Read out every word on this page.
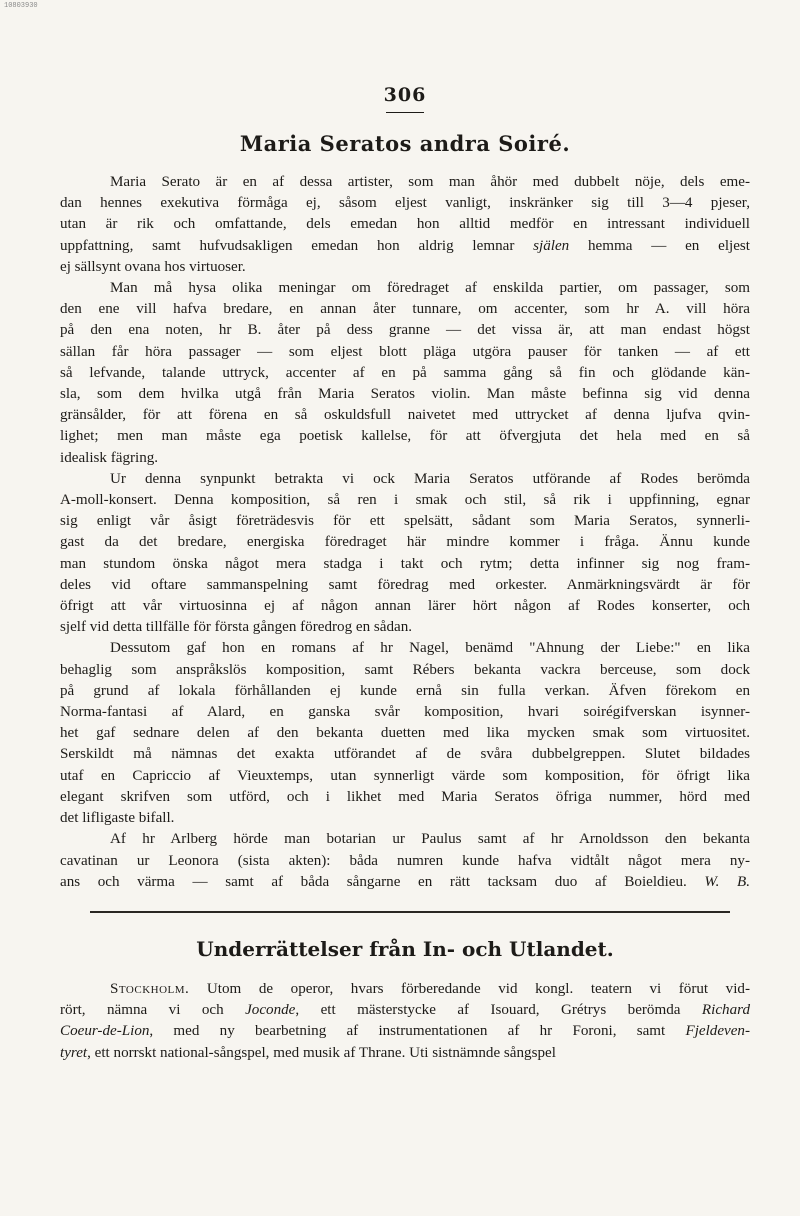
10803930
306
Maria Seratos andra Soiré.
Maria Serato är en af dessa artister, som man åhör med dubbelt nöje, dels eme-
dan hennes exekutiva förmåga ej, såsom eljest vanligt, inskränker sig till 3—4 pjeser,
utan är rik och omfattande, dels emedan hon alltid medför en intressant individuell
uppfattning, samt hufvudsakligen emedan hon aldrig lemnar själen hemma — en eljest
ej sällsynt ovana hos virtuoser.
Man må hysa olika meningar om föredraget af enskilda partier, om passager, som
den ene vill hafva bredare, en annan åter tunnare, om accenter, som hr A. vill höra
på den ena noten, hr B. åter på dess granne — det vissa är, att man endast högst
sällan får höra passager — som eljest blott pläga utgöra pauser för tanken — af ett
så lefvande, talande uttryck, accenter af en på samma gång så fin och glödande kän-
sla, som dem hvilka utgå från Maria Seratos violin. Man måste befinna sig vid denna
gränsålder, för att förena en så oskuldsfull naivetet med uttrycket af denna ljufva qvin-
lighet; men man måste ega poetisk kallelse, för att öfvergjuta det hela med en så
idealisk fägring.
Ur denna synpunkt betrakta vi ock Maria Seratos utförande af Rodes berömda
A-moll-konsert. Denna komposition, så ren i smak och stil, så rik i uppfinning, egnar
sig enligt vår åsigt företrädesvis för ett spelsätt, sådant som Maria Seratos, synnerli-
gast da det bredare, energiska föredraget här mindre kommer i fråga. Ännu kunde
man stundom önska något mera stadga i takt och rytm; detta infinner sig nog fram-
deles vid oftare sammanspelning samt föredrag med orkester. Anmärkningsvärdt är för
öfrigt att vår virtuosinna ej af någon annan lärer hört någon af Rodes konserter, och
sjelf vid detta tillfälle för första gången föredrog en sådan.
Dessutom gaf hon en romans af hr Nagel, benämd "Ahnung der Liebe:" en lika
behaglig som anspråkslös komposition, samt Rébers bekanta vackra berceuse, som dock
på grund af lokala förhållanden ej kunde ernå sin fulla verkan. Äfven förekom en
Norma-fantasi af Alard, en ganska svår komposition, hvari soirégifverskan isynner-
het gaf sednare delen af den bekanta duetten med lika mycken smak som virtuositet.
Serskildt må nämnas det exakta utförandet af de svåra dubbelgreppen. Slutet bildades
utaf en Capriccio af Vieuxtemps, utan synnerligt värde som komposition, för öfrigt lika
elegant skrifven som utförd, och i likhet med Maria Seratos öfriga nummer, hörd med
det lifligaste bifall.
Af hr Arlberg hörde man botarian ur Paulus samt af hr Arnoldsson den bekanta
cavatinan ur Leonora (sista akten): båda numren kunde hafva vidtålt något mera ny-
ans och värma — samt af båda sångarne en rätt tacksam duo af Boieldieu. W. B.
Underrättelser från In- och Utlandet.
Stockholm. Utom de operor, hvars förberedande vid kongl. teatern vi förut vid-
rört, nämna vi och Joconde, ett mästerstycke af Isouard, Grétrys berömda Richard
Coeur-de-Lion, med ny bearbetning af instrumentationen af hr Foroni, samt Fjeldeven-
tyret, ett norrskt national-sångspel, med musik af Thrane. Uti sistnämnde sångspel
